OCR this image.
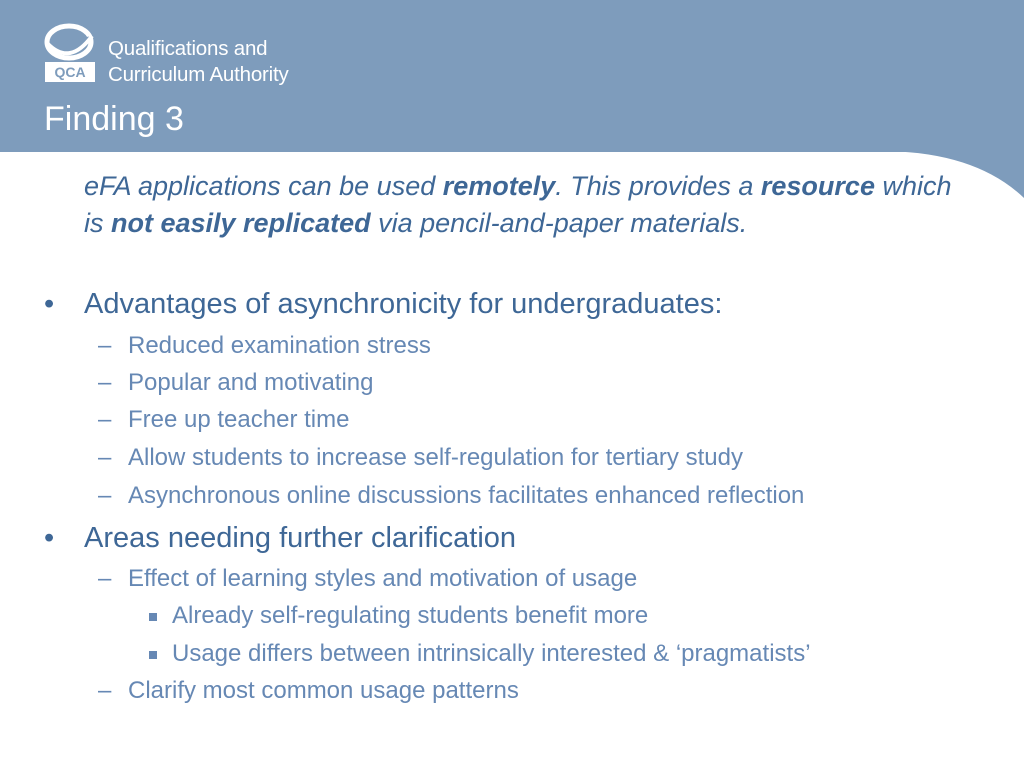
QCA
Qualifications and
Curriculum Authority
Finding 3
eFA applications can be used remotely. This provides a resource which is not easily replicated via pencil-and-paper materials.
• Advantages of asynchronicity for undergraduates:
– Reduced examination stress
– Popular and motivating
– Free up teacher time
– Allow students to increase self-regulation for tertiary study
– Asynchronous online discussions facilitates enhanced reflection
• Areas needing further clarification
– Effect of learning styles and motivation of usage
Already self-regulating students benefit more
Usage differs between intrinsically interested & ‘pragmatists’
– Clarify most common usage patterns
